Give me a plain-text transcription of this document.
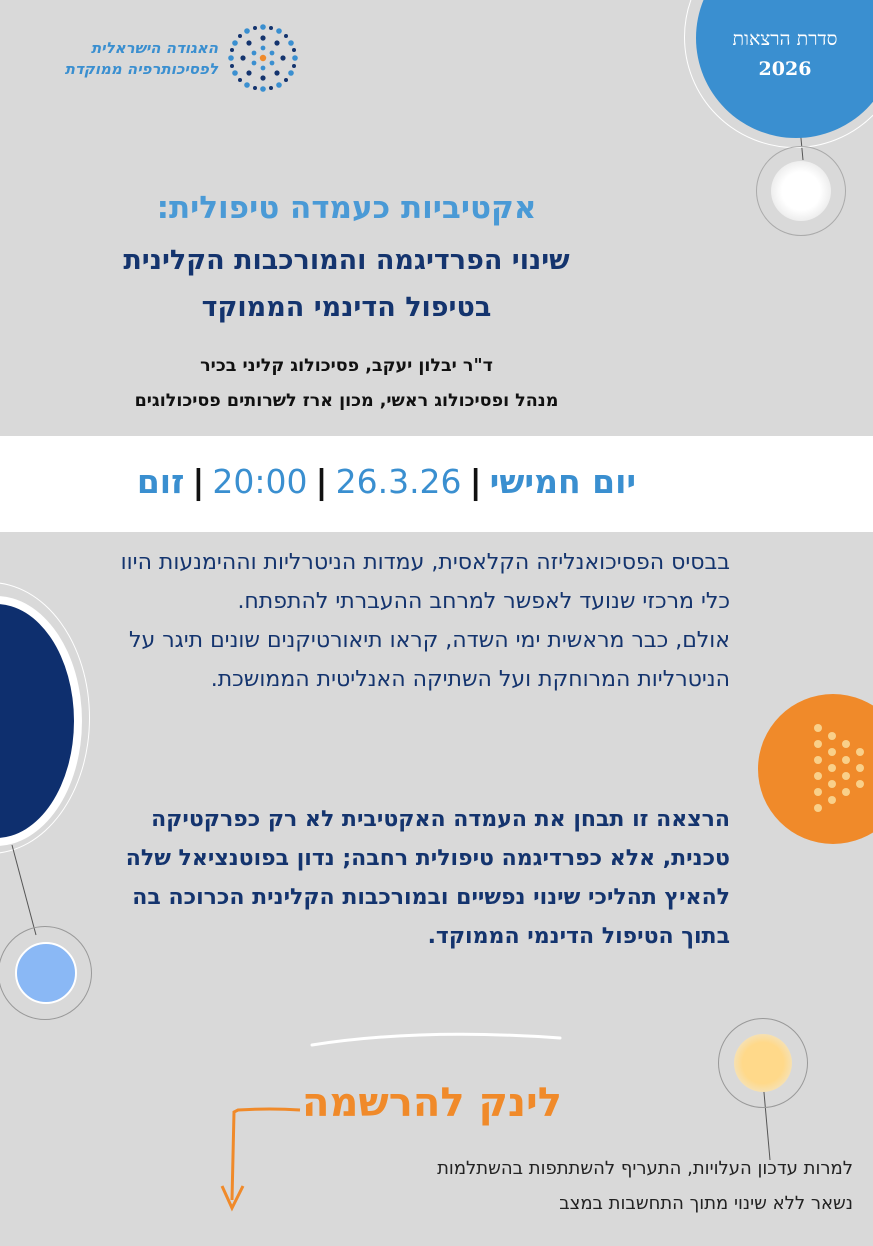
סדרת הרצאות
2026
האגודה הישראלית
לפסיכותרפיה ממוקדת
אקטיביות כעמדה טיפולית:
שינוי הפרדיגמה והמורכבות הקלינית
בטיפול הדינמי הממוקד
ד"ר יבלון יעקב, פסיכולוג קליני בכיר
מנהל ופסיכולוג ראשי, מכון ארז לשרותים פסיכולוגים
יום חמישי|26.3.26|20:00|זום
בבסיס הפסיכואנליזה הקלאסית, עמדות הניטרליות וההימנעות היוו כלי מרכזי שנועד לאפשר למרחב ההעברתי להתפתח.
אולם, כבר מראשית ימי השדה, קראו תיאורטיקנים שונים תיגר על הניטרליות המרוחקת ועל השתיקה האנליטית הממושכת.
הרצאה זו תבחן את העמדה האקטיבית לא רק כפרקטיקה טכנית, אלא כפרדיגמה טיפולית רחבה; נדון בפוטנציאל שלה להאיץ תהליכי שינוי נפשיים ובמורכבות הקלינית הכרוכה בה בתוך הטיפול הדינמי הממוקד.
לינק להרשמה
למרות עדכון העלויות, התעריף להשתתפות בהשתלמות
נשאר ללא שינוי מתוך התחשבות במצב
